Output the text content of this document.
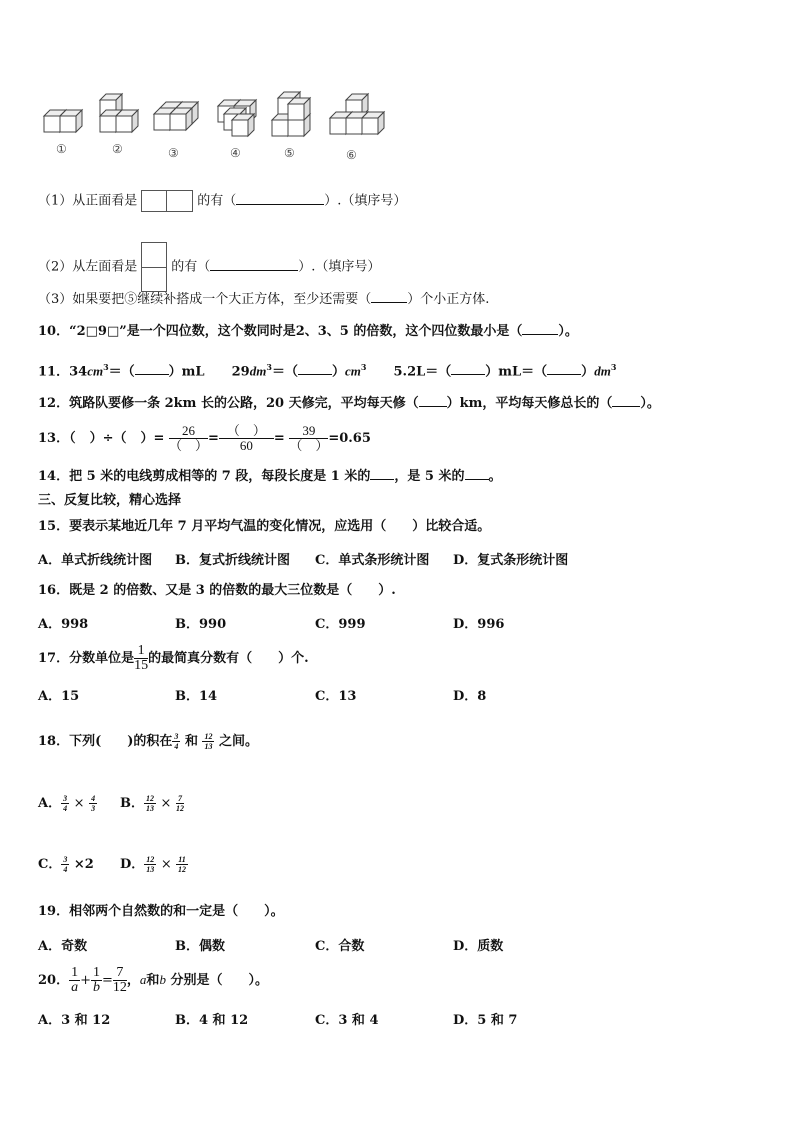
①	②	③	④	⑤	⑥
（1）从正面看是	的有（	）.（填序号）
（2）从左面看是	的有（	）.（填序号）
（3）如果要把⑤继续补搭成一个大正方体，至少还需要（	）个小正方体.
10．“2□9□”是一个四位数，这个数同时是2、3、5 的倍数，这个四位数最小是（	）。
11．$34cm^3=$（	）mL $29dm^3=$（	）$cm^3$ 5.2L＝（	）mL＝（	）$dm^3$
12．筑路队要修一条 2km 长的公路，20 天修完，平均每天修（ ）km，平均每天修总长的（ ）。
13．（ ）÷（ ）= $\frac{26}{( )} = \frac{( )}{60} = \frac{39}{( )} =0.65$
14．把 5 米的电线剪成相等的 7 段，每段长度是 1 米的 ，是 5 米的 。
三、反复比较，精心选择
15．要表示某地近几年 7 月平均气温的变化情况，应选用（　　）比较合适。
A．单式折线统计图 B．复式折线统计图 C．单式条形统计图 D．复式条形统计图
16．既是 2 的倍数、又是 3 的倍数的最大三位数是（　　）.
A．998	B．990	C．999	D．996
17．分数单位是 $\frac{1}{15}$ 的最简真分数有（　　）个.
A．15	B．14	C．13	D．8
18．下列(　　)的积在 $\frac{3}{4}$ 和 $\frac{12}{13}$ 之间。
A． $\frac{3}{4} \times \frac{4}{3}$ B． $\frac{12}{13} \times \frac{7}{12}$
C． $\frac{3}{4} \times 2$ D． $\frac{12}{13} \times \frac{11}{12}$
19．相邻两个自然数的和一定是（　　）。
A．奇数	B．偶数	C．合数	D．质数
20． $\frac{1}{a} + \frac{1}{b} = \frac{7}{12}$ ，a和b 分别是（　　）。
A．3 和 12	B．4 和 12	C．3 和 4	D．5 和 7
